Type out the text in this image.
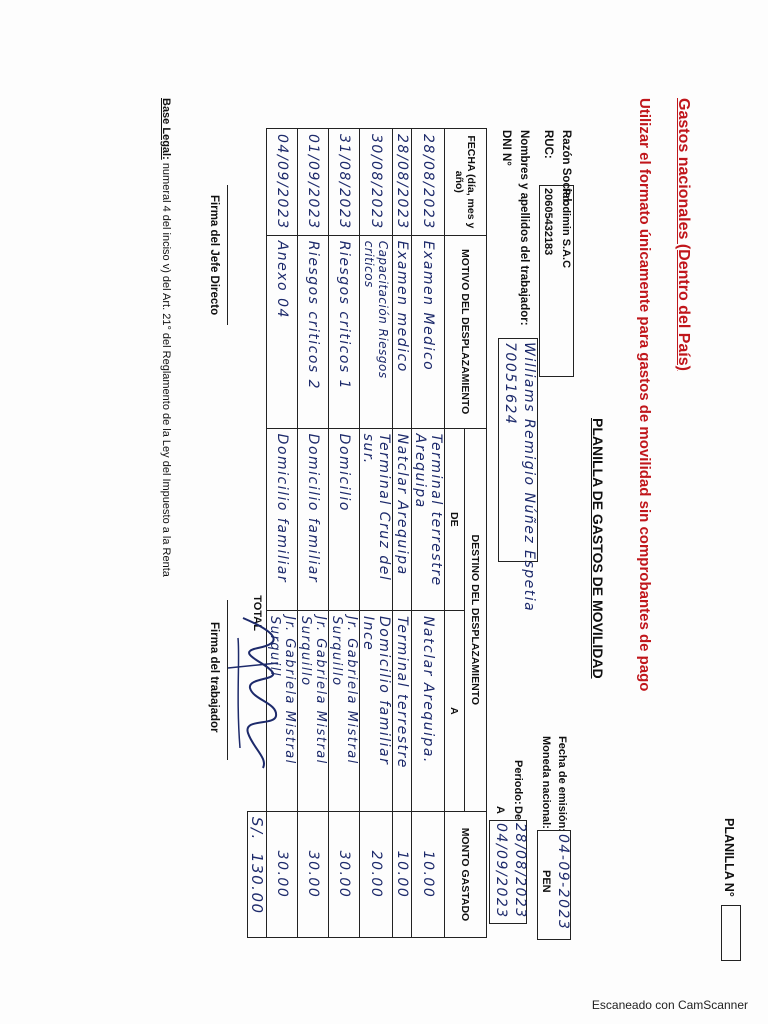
PLANILLA N°
PLANILLA DE GASTOS DE MOVILIDAD
Gastos nacionales (Dentro del País)
Utilizar el formato únicamente para gastos de movilidad sin comprobantes de pago
Razón Social:
Prodimin S.A.C
RUC:
20605432183
Nombres y apellidos del trabajador:
Williams Remigio Núñez Espetia
DNI N°
70051624
Fecha de emisión:
Moneda nacional:
04-09-2023
PEN
Periodo:
De
A
28/08/2023
04/09/2023
FECHA (día, mes y año)	MOTIVO DEL DESPLAZAMIENTO	DESTINO DEL DESPLAZAMIENTO		MONTO GASTADO
		DE	A	
28/08/2023	Examen Medico	Terminal terrestre Arequipa	Natclar Arequipa.	10.00
28/08/2023	Examen medico	Natclar Arequipa	Terminal terrestre	10.00
30/08/2023	Capacitación Riesgos criticos	Terminal Cruz del sur.	Domicilio familiar Ince	20.00
31/08/2023	Riesgos criticos 1	Domicilio	Jr. Gabriela Mistral Surquillo	30.00
01/09/2023	Riesgos criticos 2	Domicilio familiar	Jr. Gabriela Mistral Surquillo	30.00
04/09/2023	Anexo 04	Domicilio familiar	Jr. Gabriela Mistral Surquill	30.00
TOTAL				S/. 130.00
Firma del Jefe Directo
Firma del trabajador
Base Legal: numeral 4 del inciso v) del Art. 21° del Reglamento de la Ley del Impuesto a la Renta
Escaneado con CamScanner
